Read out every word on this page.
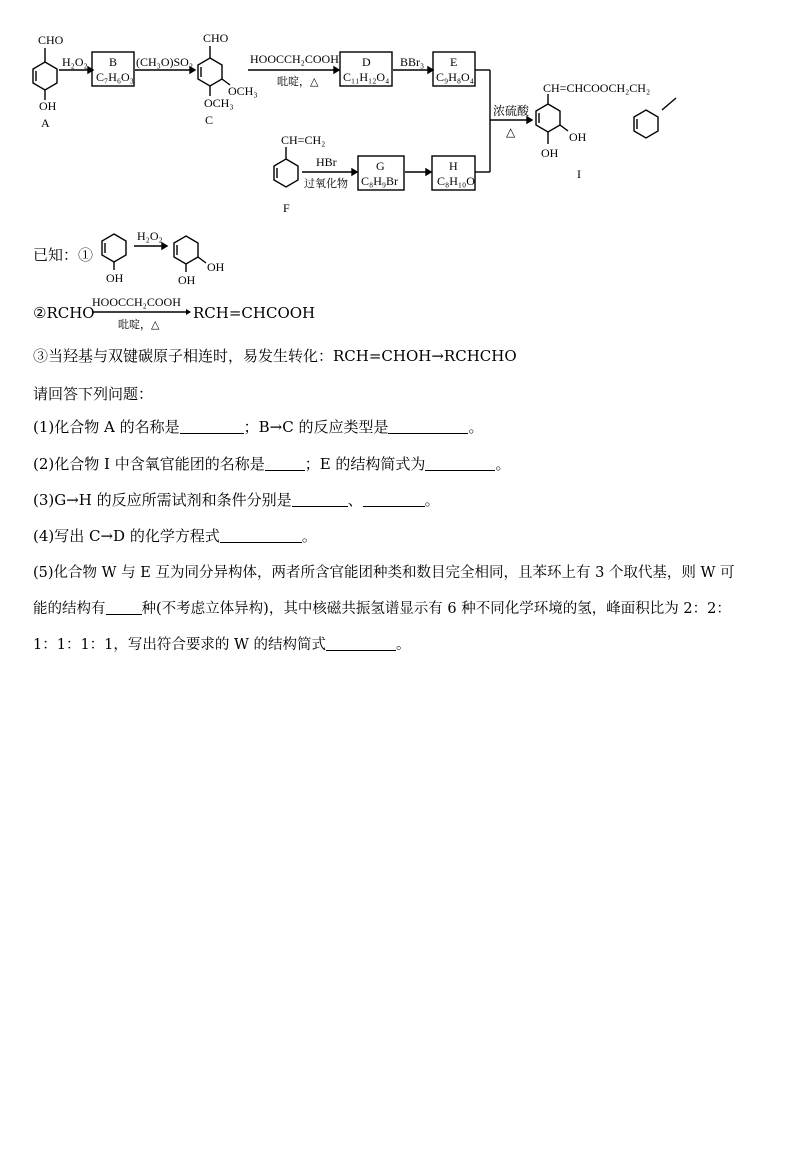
CHO
OH
A
H₂O₂ B
C₇H₆O₃
(CH₃O)SO₂
CHO
OCH₃
OCH₃
C
HOOCCH₂COOH
吡啶，△
D
C₁₁H₁₂O₄
BBr₃ E
C₉H₈O₄
浓硫酸
△
CH=CHCOOCH₂CH₂
OH
OH
I
CH=CH₂
F
HBr
过氧化物
G
C₈H₉Br
H
C₈H₁₀O
已知：①
H₂O₂
OH
OH
OH
②RCHO
HOOCCH₂COOH
吡啶，△
RCH=CHCOOH
③当羟基与双键碳原子相连时，易发生转化：RCH=CHOH→RCHCHO
请回答下列问题：
(1)化合物 A 的名称是	；B→C 的反应类型是	。
(2)化合物 I 中含氧官能团的名称是	；E 的结构简式为	。
(3)G→H 的反应所需试剂和条件分别是	、	。
(4)写出 C→D 的化学方程式	。
(5)化合物 W 与 E 互为同分异构体，两者所含官能团种类和数目完全相同，且苯环上有 3 个取代基，则 W 可
能的结构有 种(不考虑立体异构)，其中核磁共振氢谱显示有 6 种不同化学环境的氢，峰面积比为 2：2：
1：1：1：1，写出符合要求的 W 的结构简式	。
